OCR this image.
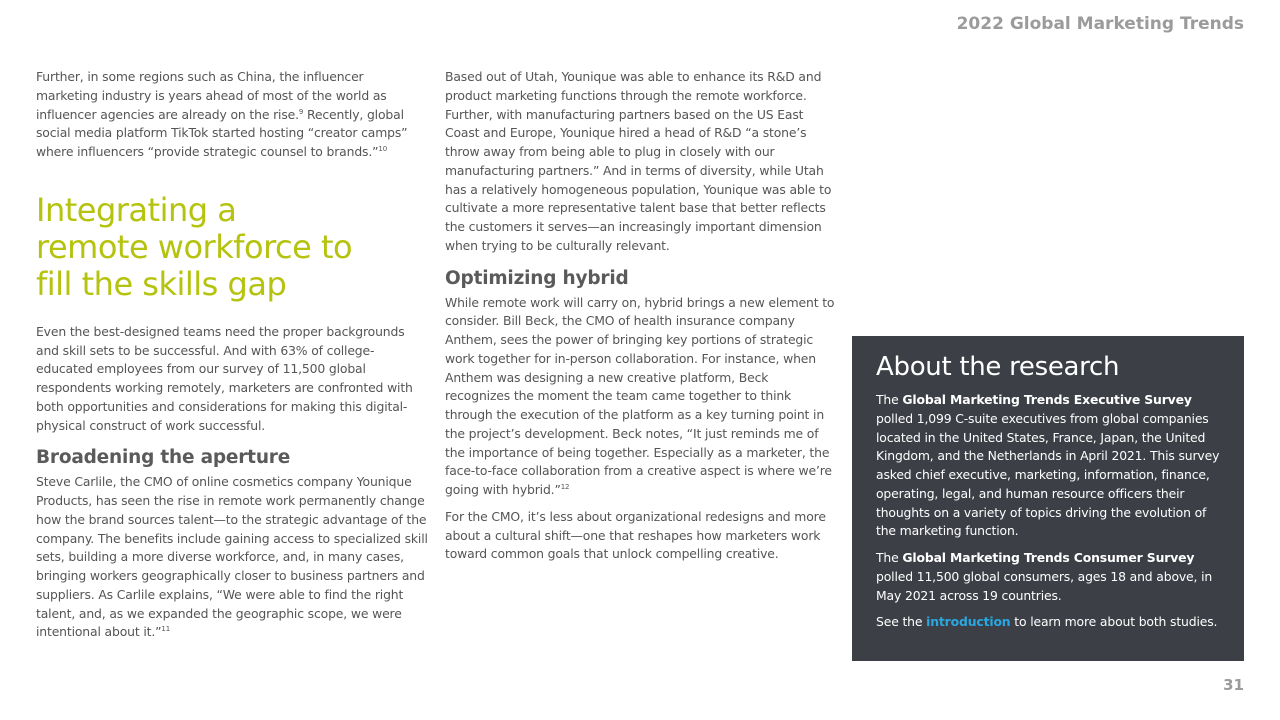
2022 Global Marketing Trends

Further, in some regions such as China, the influencer marketing industry is years ahead of most of the world as influencer agencies are already on the rise.$^9$ Recently, global social media platform TikTok started hosting “creator camps” where influencers “provide strategic counsel to brands.”$^{10}$

Integrating a remote workforce to fill the skills gap

Even the best-designed teams need the proper backgrounds and skill sets to be successful. And with 63% of college-educated employees from our survey of 11,500 global respondents working remotely, marketers are confronted with both opportunities and considerations for making this digital-physical construct of work successful.

Broadening the aperture

Steve Carlile, the CMO of online cosmetics company Younique Products, has seen the rise in remote work permanently change how the brand sources talent—to the strategic advantage of the company. The benefits include gaining access to specialized skill sets, building a more diverse workforce, and, in many cases, bringing workers geographically closer to business partners and suppliers. As Carlile explains, “We were able to find the right talent, and, as we expanded the geographic scope, we were intentional about it.”$^{11}$

Based out of Utah, Younique was able to enhance its R&D and product marketing functions through the remote workforce. Further, with manufacturing partners based on the US East Coast and Europe, Younique hired a head of R&D “a stone’s throw away from being able to plug in closely with our manufacturing partners.” And in terms of diversity, while Utah has a relatively homogeneous population, Younique was able to cultivate a more representative talent base that better reflects the customers it serves—an increasingly important dimension when trying to be culturally relevant.

Optimizing hybrid

While remote work will carry on, hybrid brings a new element to consider. Bill Beck, the CMO of health insurance company Anthem, sees the power of bringing key portions of strategic work together for in-person collaboration. For instance, when Anthem was designing a new creative platform, Beck recognizes the moment the team came together to think through the execution of the platform as a key turning point in the project’s development. Beck notes, “It just reminds me of the importance of being together. Especially as a marketer, the face-to-face collaboration from a creative aspect is where we’re going with hybrid.”$^{12}$

For the CMO, it’s less about organizational redesigns and more about a cultural shift—one that reshapes how marketers work toward common goals that unlock compelling creative.

About the research

The Global Marketing Trends Executive Survey polled 1,099 C-suite executives from global companies located in the United States, France, Japan, the United Kingdom, and the Netherlands in April 2021. This survey asked chief executive, marketing, information, finance, operating, legal, and human resource officers their thoughts on a variety of topics driving the evolution of the marketing function.

The Global Marketing Trends Consumer Survey polled 11,500 global consumers, ages 18 and above, in May 2021 across 19 countries.

See the introduction to learn more about both studies.

31
